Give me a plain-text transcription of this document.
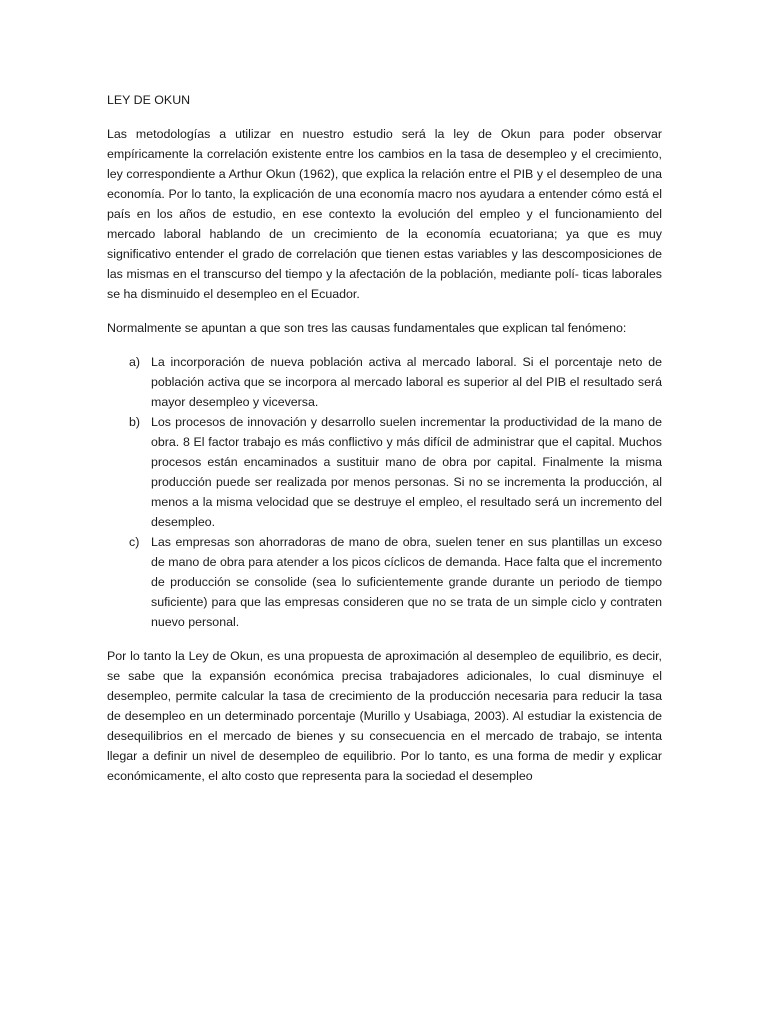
LEY DE OKUN

Las metodologías a utilizar en nuestro estudio será la ley de Okun para poder observar empíricamente la correlación existente entre los cambios en la tasa de desempleo y el crecimiento, ley correspondiente a Arthur Okun (1962), que explica la relación entre el PIB y el desempleo de una economía. Por lo tanto, la explicación de una economía macro nos ayudara a entender cómo está el país en los años de estudio, en ese contexto la evolución del empleo y el funcionamiento del mercado laboral hablando de un crecimiento de la economía ecuatoriana; ya que es muy significativo entender el grado de correlación que tienen estas variables y las descomposiciones de las mismas en el transcurso del tiempo y la afectación de la población, mediante polí- ticas laborales se ha disminuido el desempleo en el Ecuador.

Normalmente se apuntan a que son tres las causas fundamentales que explican tal fenómeno:

a) La incorporación de nueva población activa al mercado laboral. Si el porcentaje neto de población activa que se incorpora al mercado laboral es superior al del PIB el resultado será mayor desempleo y viceversa.
b) Los procesos de innovación y desarrollo suelen incrementar la productividad de la mano de obra. 8 El factor trabajo es más conflictivo y más difícil de administrar que el capital. Muchos procesos están encaminados a sustituir mano de obra por capital. Finalmente la misma producción puede ser realizada por menos personas. Si no se incrementa la producción, al menos a la misma velocidad que se destruye el empleo, el resultado será un incremento del desempleo.
c) Las empresas son ahorradoras de mano de obra, suelen tener en sus plantillas un exceso de mano de obra para atender a los picos cíclicos de demanda. Hace falta que el incremento de producción se consolide (sea lo suficientemente grande durante un periodo de tiempo suficiente) para que las empresas consideren que no se trata de un simple ciclo y contraten nuevo personal.

Por lo tanto la Ley de Okun, es una propuesta de aproximación al desempleo de equilibrio, es decir, se sabe que la expansión económica precisa trabajadores adicionales, lo cual disminuye el desempleo, permite calcular la tasa de crecimiento de la producción necesaria para reducir la tasa de desempleo en un determinado porcentaje (Murillo y Usabiaga, 2003). Al estudiar la existencia de desequilibrios en el mercado de bienes y su consecuencia en el mercado de trabajo, se intenta llegar a definir un nivel de desempleo de equilibrio. Por lo tanto, es una forma de medir y explicar económicamente, el alto costo que representa para la sociedad el desempleo
